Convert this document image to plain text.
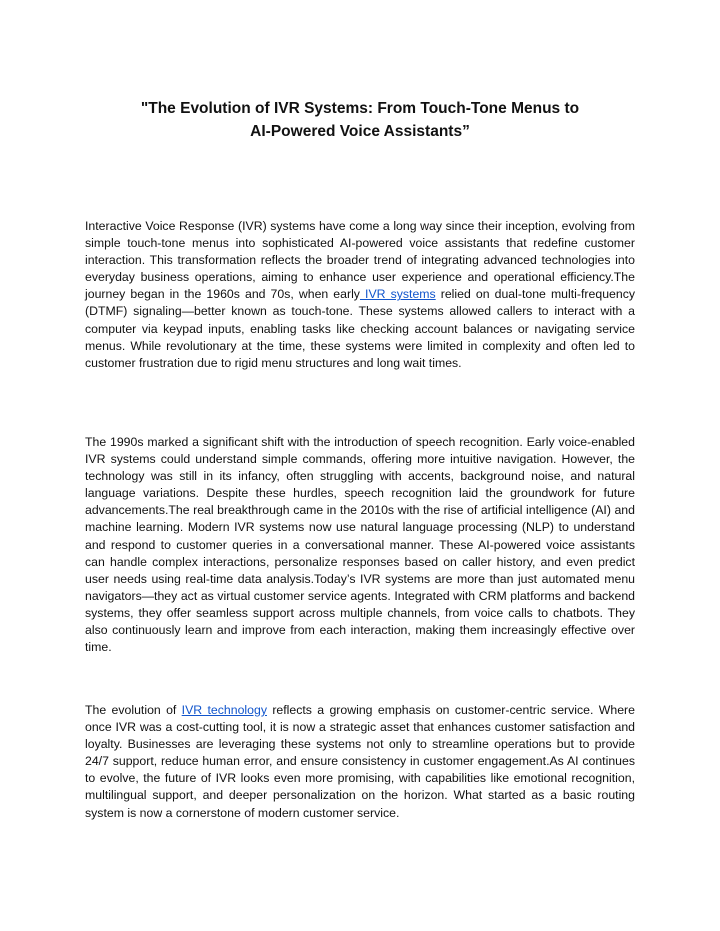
"The Evolution of IVR Systems: From Touch-Tone Menus to
AI-Powered Voice Assistants”

Interactive Voice Response (IVR) systems have come a long way since their inception, evolving from simple touch-tone menus into sophisticated AI-powered voice assistants that redefine customer interaction. This transformation reflects the broader trend of integrating advanced technologies into everyday business operations, aiming to enhance user experience and operational efficiency.The journey began in the 1960s and 70s, when early IVR systems relied on dual-tone multi-frequency (DTMF) signaling—better known as touch-tone. These systems allowed callers to interact with a computer via keypad inputs, enabling tasks like checking account balances or navigating service menus. While revolutionary at the time, these systems were limited in complexity and often led to customer frustration due to rigid menu structures and long wait times.

The 1990s marked a significant shift with the introduction of speech recognition. Early voice-enabled IVR systems could understand simple commands, offering more intuitive navigation. However, the technology was still in its infancy, often struggling with accents, background noise, and natural language variations. Despite these hurdles, speech recognition laid the groundwork for future advancements.The real breakthrough came in the 2010s with the rise of artificial intelligence (AI) and machine learning. Modern IVR systems now use natural language processing (NLP) to understand and respond to customer queries in a conversational manner. These AI-powered voice assistants can handle complex interactions, personalize responses based on caller history, and even predict user needs using real-time data analysis.Today’s IVR systems are more than just automated menu navigators—they act as virtual customer service agents. Integrated with CRM platforms and backend systems, they offer seamless support across multiple channels, from voice calls to chatbots. They also continuously learn and improve from each interaction, making them increasingly effective over time.

The evolution of IVR technology reflects a growing emphasis on customer-centric service. Where once IVR was a cost-cutting tool, it is now a strategic asset that enhances customer satisfaction and loyalty. Businesses are leveraging these systems not only to streamline operations but to provide 24/7 support, reduce human error, and ensure consistency in customer engagement.As AI continues to evolve, the future of IVR looks even more promising, with capabilities like emotional recognition, multilingual support, and deeper personalization on the horizon. What started as a basic routing system is now a cornerstone of modern customer service.
